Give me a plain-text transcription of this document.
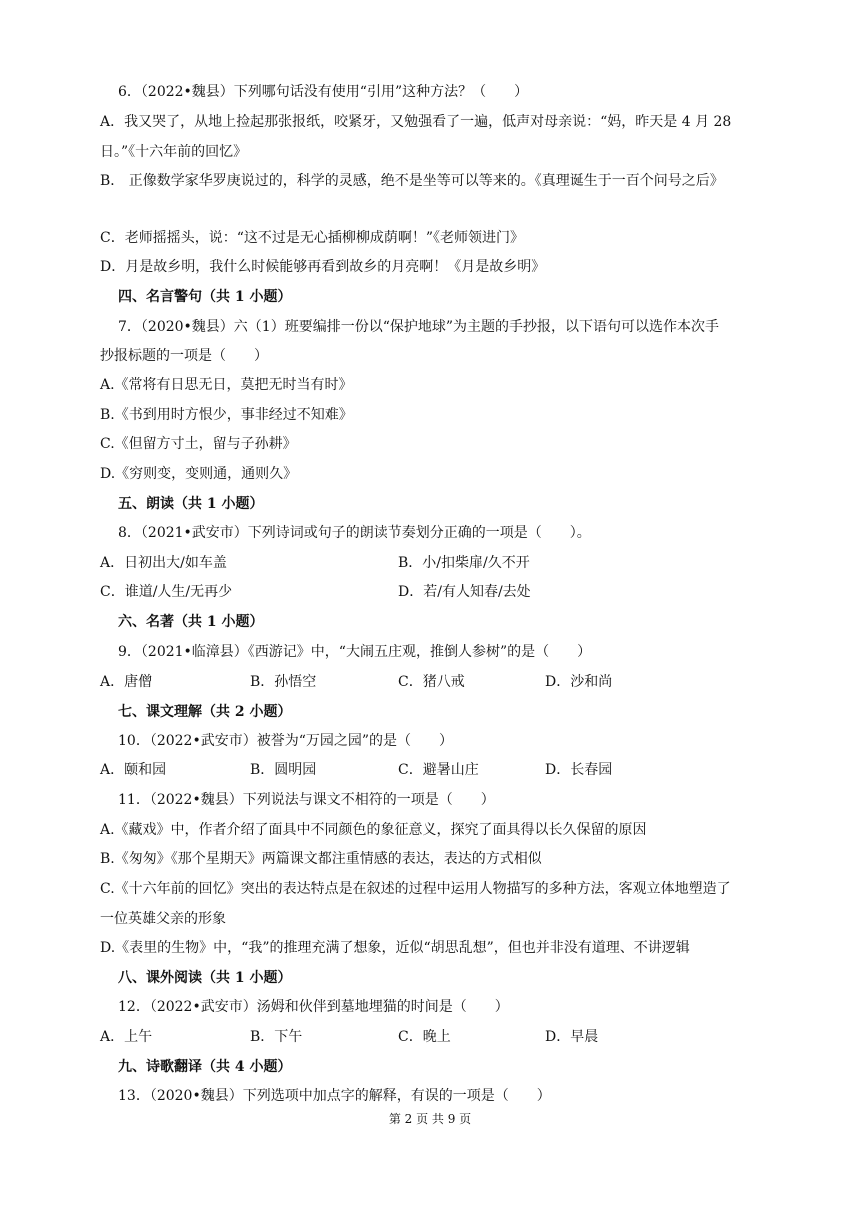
6．（2022•魏县）下列哪句话没有使用“引用”这种方法？（　　）
A．我又哭了，从地上捡起那张报纸，咬紧牙，又勉强看了一遍，低声对母亲说：“妈，昨天是 4 月 28
日。”《十六年前的回忆》
B． 正像数学家华罗庚说过的，科学的灵感，绝不是坐等可以等来的。《真理诞生于一百个问号之后》
C．老师摇摇头，说：“这不过是无心插柳柳成荫啊！”《老师领进门》
D．月是故乡明，我什么时候能够再看到故乡的月亮啊！《月是故乡明》
四、名言警句（共 1 小题）
7．（2020•魏县）六（1）班要编排一份以“保护地球”为主题的手抄报，以下语句可以选作本次手
抄报标题的一项是（　　）
A.《常将有日思无日，莫把无时当有时》
B.《书到用时方恨少，事非经过不知难》
C.《但留方寸土，留与子孙耕》
D.《穷则变，变则通，通则久》
五、朗读（共 1 小题）
8．（2021•武安市）下列诗词或句子的朗读节奏划分正确的一项是（　　）。
A．日初出大/如车盖	B．小/扣柴扉/久不开
C．谁道/人生/无再少	D．若/有人知春/去处
六、名著（共 1 小题）
9．（2021•临漳县）《西游记》中，“大闹五庄观，推倒人参树”的是（　　）
A．唐僧	B．孙悟空	C．猪八戒	D．沙和尚
七、课文理解（共 2 小题）
10．（2022•武安市）被誉为“万园之园”的是（　　）
A．颐和园	B．圆明园	C．避暑山庄	D．长春园
11．（2022•魏县）下列说法与课文不相符的一项是（　　）
A.《藏戏》中，作者介绍了面具中不同颜色的象征意义，探究了面具得以长久保留的原因
B.《匆匆》《那个星期天》两篇课文都注重情感的表达，表达的方式相似
C.《十六年前的回忆》突出的表达特点是在叙述的过程中运用人物描写的多种方法，客观立体地塑造了
一位英雄父亲的形象
D.《表里的生物》中，“我”的推理充满了想象，近似“胡思乱想”，但也并非没有道理、不讲逻辑
八、课外阅读（共 1 小题）
12．（2022•武安市）汤姆和伙伴到墓地埋猫的时间是（　　）
A．上午	B．下午	C．晚上	D．早晨
九、诗歌翻译（共 4 小题）
13．（2020•魏县）下列选项中加点字的解释，有误的一项是（　　）
第 2 页 共 9 页
